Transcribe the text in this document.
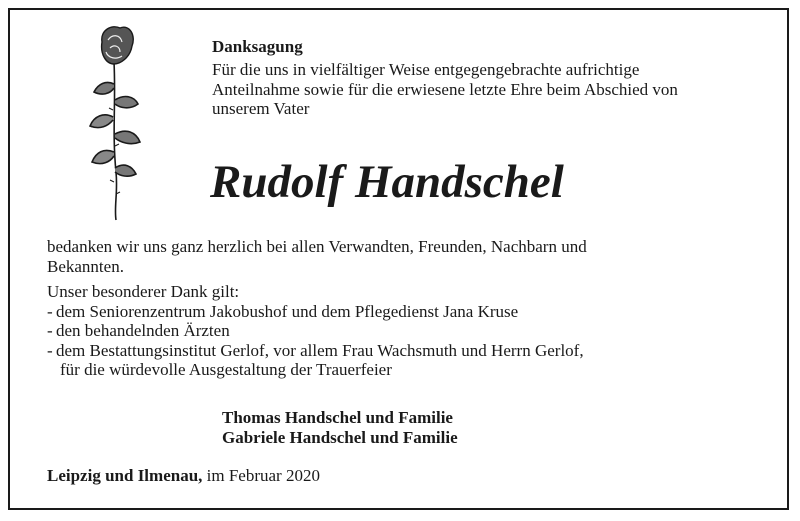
Danksagung
Für die uns in vielfältiger Weise entgegengebrachte aufrichtige
Anteilnahme sowie für die erwiesene letzte Ehre beim Abschied von
unserem Vater
Rudolf Handschel
bedanken wir uns ganz herzlich bei allen Verwandten, Freunden, Nachbarn und
Bekannten.
Unser besonderer Dank gilt:
- dem Seniorenzentrum Jakobushof und dem Pflegedienst Jana Kruse
- den behandelnden Ärzten
- dem Bestattungsinstitut Gerlof, vor allem Frau Wachsmuth und Herrn Gerlof,
für die würdevolle Ausgestaltung der Trauerfeier
Thomas Handschel und Familie
Gabriele Handschel und Familie
Leipzig und Ilmenau, im Februar 2020
